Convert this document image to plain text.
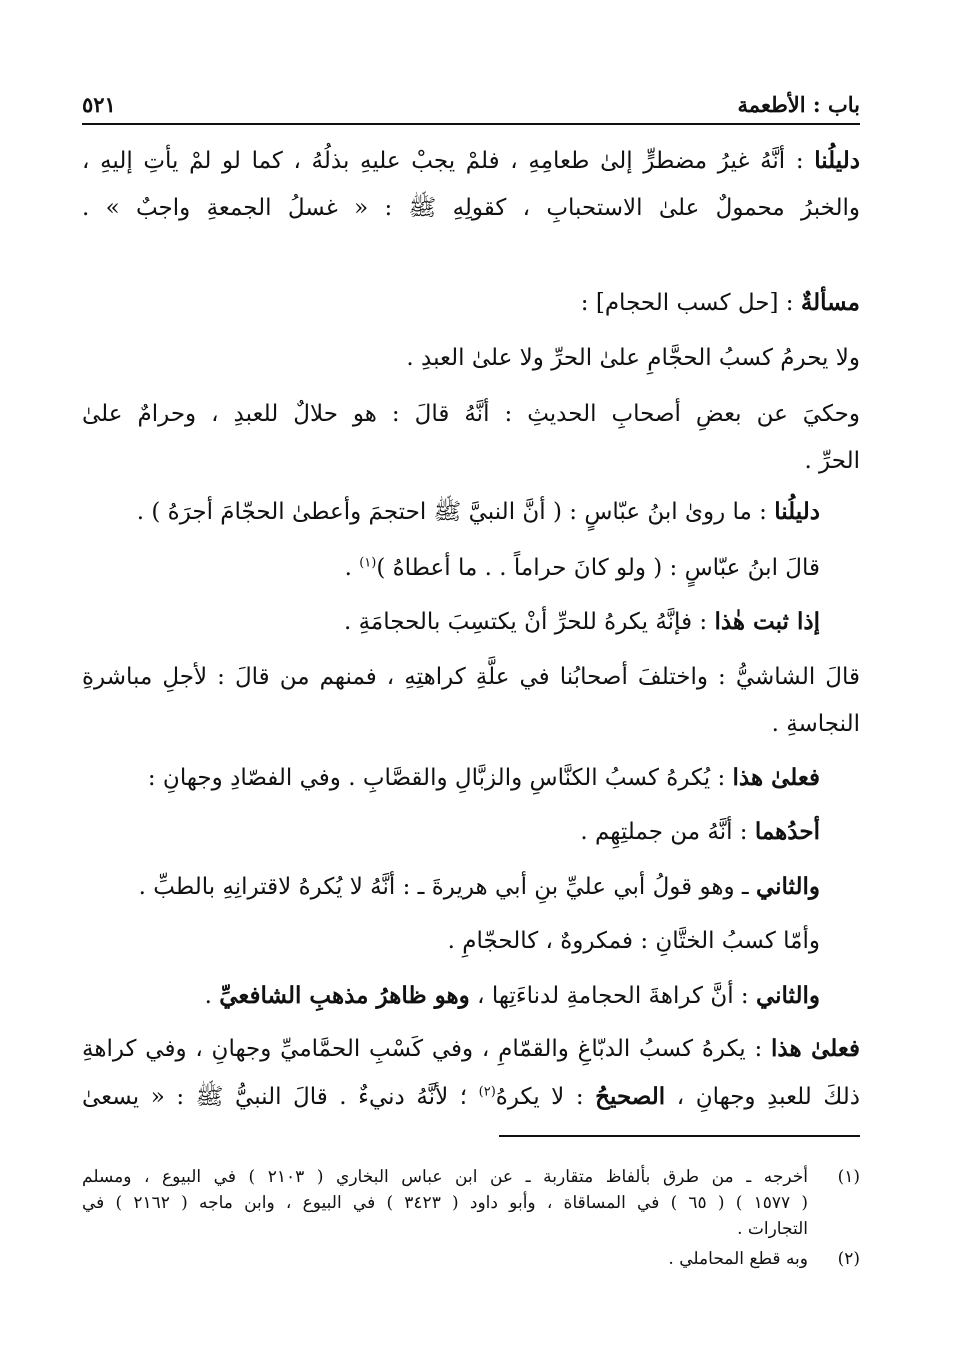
باب : الأطعمة
٥٢١
دليلُنا : أنَّهُ غيرُ مضطرٍّ إلىٰ طعامِهِ ، فلمْ يجبْ عليهِ بذلُهُ ، كما لو لمْ يأتِ إليهِ ،
والخبرُ محمولٌ علىٰ الاستحبابِ ، كقولِهِ ﷺ : « غسلُ الجمعةِ واجبٌ » .
مسألةٌ : [حل كسب الحجام] :
ولا يحرمُ كسبُ الحجَّامِ علىٰ الحرِّ ولا علىٰ العبدِ .
وحكيَ عن بعضِ أصحابِ الحديثِ : أنَّهُ قالَ : هو حلالٌ للعبدِ ، وحرامٌ علىٰ
الحرِّ .
دليلُنا : ما روىٰ ابنُ عبّاسٍ : ( أنَّ النبيَّ ﷺ احتجمَ وأعطىٰ الحجّامَ أجرَهُ ) .
قالَ ابنُ عبّاسٍ : ( ولو كانَ حراماً . . ما أعطاهُ )$^{(١)}$ .
إذا ثبت هٰذا : فإنَّهُ يكرهُ للحرِّ أنْ يكتسِبَ بالحجامَةِ .
قالَ الشاشيُّ : واختلفَ أصحابُنا في علَّةِ كراهتِهِ ، فمنهم من قالَ : لأجلِ مباشرةِ
النجاسةِ .
فعلىٰ هذا : يُكرهُ كسبُ الكنَّاسِ والزبَّالِ والقصَّابِ . وفي الفصّادِ وجهانِ :
أحدُهما : أنَّهُ من جملتِهِم .
والثاني ـ وهو قولُ أبي عليِّ بنِ أبي هريرةَ ـ : أنَّهُ لا يُكرهُ لاقترانِهِ بالطبِّ .
وأمّا كسبُ الختَّانِ : فمكروهٌ ، كالحجّامِ .
والثاني : أنَّ كراهةَ الحجامةِ لدناءَتِها ، وهو ظاهرُ مذهبِ الشافعيِّ .
فعلىٰ هذا : يكرهُ كسبُ الدبّاغِ والقمّامِ ، وفي كَسْبِ الحمَّاميِّ وجهانِ ، وفي كراهةِ
ذلكَ للعبدِ وجهانِ ، الصحيحُ : لا يكرهُ$^{(٢)}$ ؛ لأنَّهُ دنيءٌ . قالَ النبيُّ ﷺ : « يسعىٰ
(١)
أخرجه ـ من طرق بألفاظ متقاربة ـ عن ابن عباس البخاري ( ٢١٠٣ ) في البيوع ، ومسلم
( ١٥٧٧ ) ( ٦٥ ) في المساقاة ، وأبو داود ( ٣٤٢٣ ) في البيوع ، وابن ماجه ( ٢١٦٢ ) في
التجارات .
(٢)
وبه قطع المحاملي .
